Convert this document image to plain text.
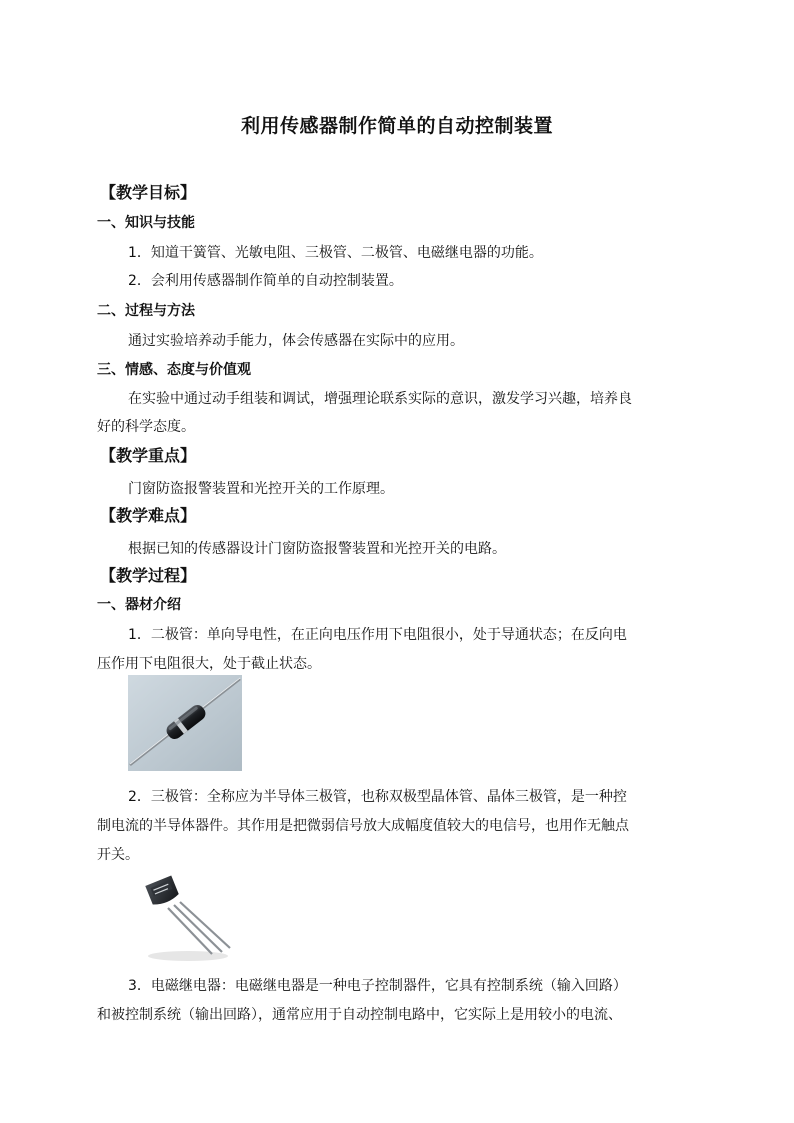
利用传感器制作简单的自动控制装置
【教学目标】
一、知识与技能
1．知道干簧管、光敏电阻、三极管、二极管、电磁继电器的功能。
2．会利用传感器制作简单的自动控制装置。
二、过程与方法
通过实验培养动手能力，体会传感器在实际中的应用。
三、情感、态度与价值观
在实验中通过动手组装和调试，增强理论联系实际的意识，激发学习兴趣，培养良
好的科学态度。
【教学重点】
门窗防盗报警装置和光控开关的工作原理。
【教学难点】
根据已知的传感器设计门窗防盗报警装置和光控开关的电路。
【教学过程】
一、器材介绍
1．二极管：单向导电性，在正向电压作用下电阻很小，处于导通状态；在反向电
压作用下电阻很大，处于截止状态。
2．三极管：全称应为半导体三极管，也称双极型晶体管、晶体三极管，是一种控
制电流的半导体器件。其作用是把微弱信号放大成幅度值较大的电信号，也用作无触点
开关。
3．电磁继电器：电磁继电器是一种电子控制器件，它具有控制系统（输入回路）
和被控制系统（输出回路），通常应用于自动控制电路中，它实际上是用较小的电流、
